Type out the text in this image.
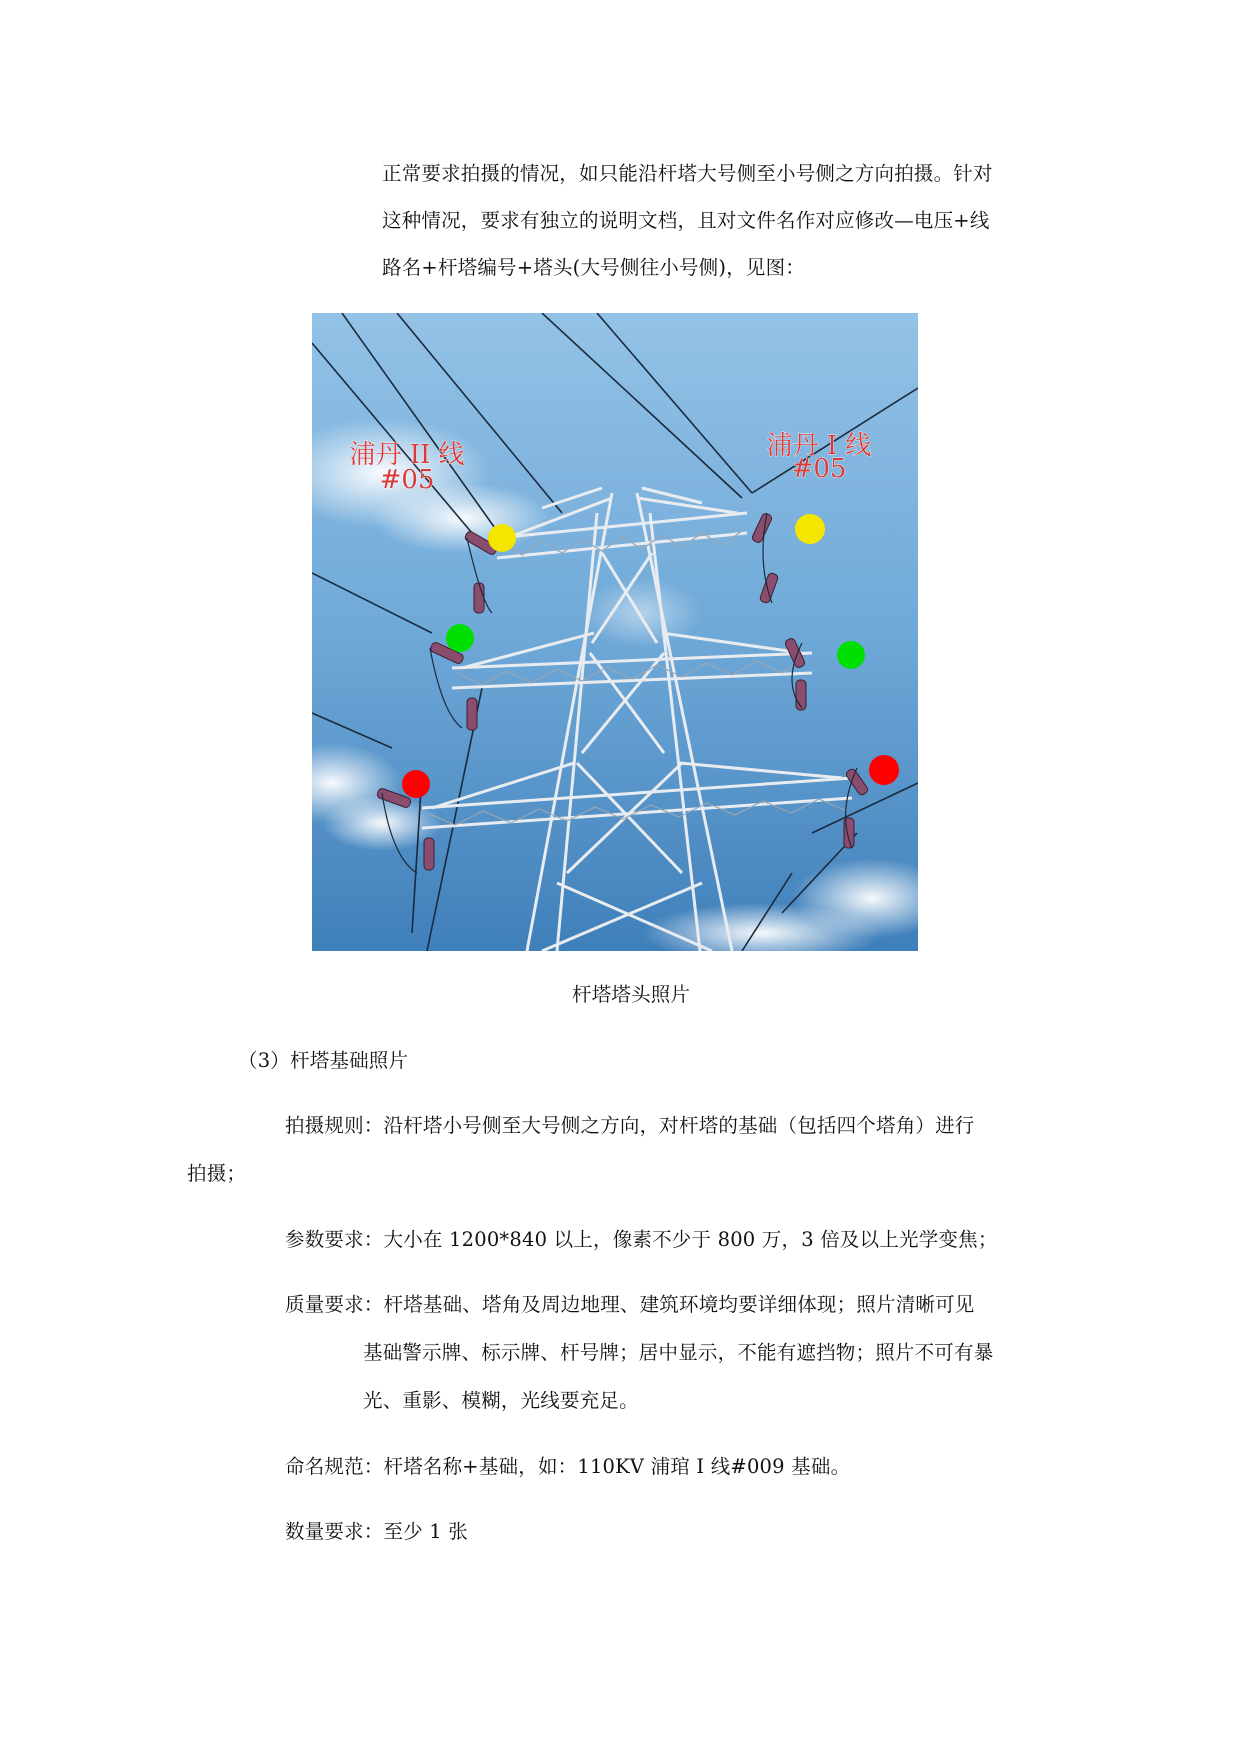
正常要求拍摄的情况，如只能沿杆塔大号侧至小号侧之方向拍摄。针对
这种情况，要求有独立的说明文档，且对文件名作对应修改—电压+线
路名+杆塔编号+塔头(大号侧往小号侧)，见图：
浦丹 II 线
#05
浦丹 I 线
#05
杆塔塔头照片
（3）杆塔基础照片
拍摄规则：沿杆塔小号侧至大号侧之方向，对杆塔的基础（包括四个塔角）进行
拍摄；
参数要求：大小在 1200*840 以上，像素不少于 800 万，3 倍及以上光学变焦；
质量要求：杆塔基础、塔角及周边地理、建筑环境均要详细体现；照片清晰可见
基础警示牌、标示牌、杆号牌；居中显示，不能有遮挡物；照片不可有暴
光、重影、模糊，光线要充足。
命名规范：杆塔名称+基础，如：110KV 浦琯 I 线#009 基础。
数量要求：至少 1 张
